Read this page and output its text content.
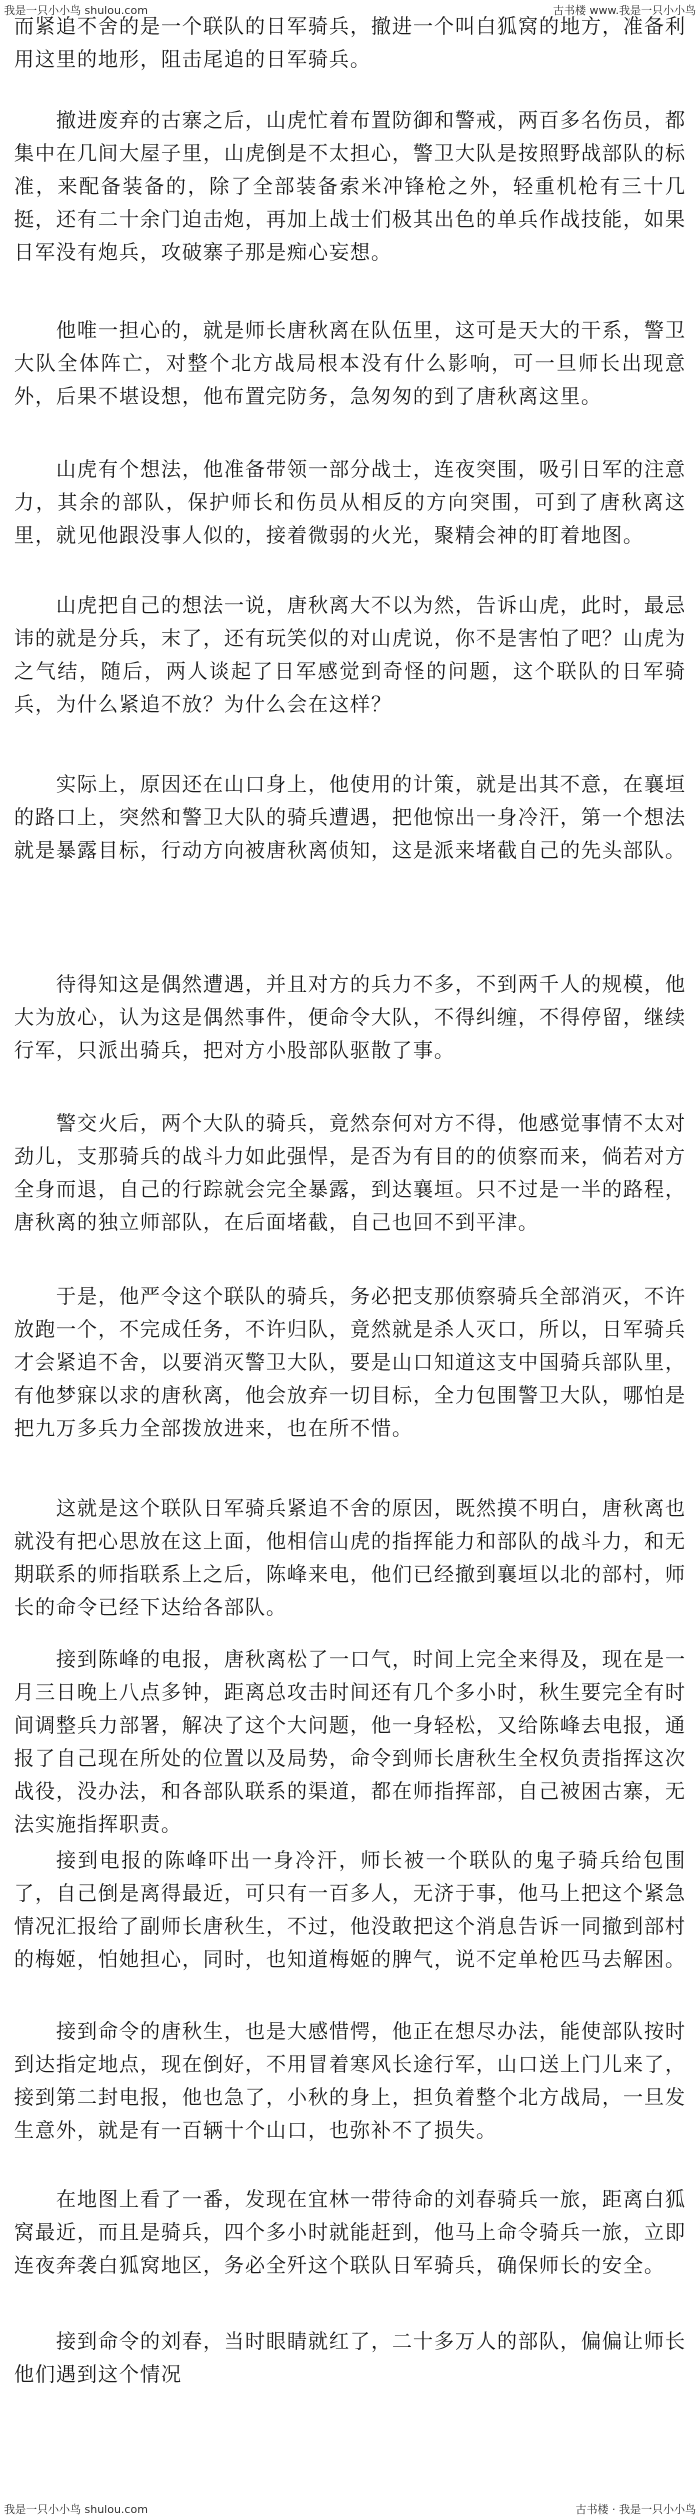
我是一只小小鸟 shulou.com	古书楼 www.我是一只小小鸟

而紧追不舍的是一个联队的日军骑兵，撤进一个叫白狐窝的地方，准备利用这里的地形，阻击尾追的日军骑兵。

撤进废弃的古寨之后，山虎忙着布置防御和警戒，两百多名伤员，都集中在几间大屋子里，山虎倒是不太担心，警卫大队是按照野战部队的标准，来配备装备的，除了全部装备索米冲锋枪之外，轻重机枪有三十几挺，还有二十余门迫击炮，再加上战士们极其出色的单兵作战技能，如果日军没有炮兵，攻破寨子那是痴心妄想。

他唯一担心的，就是师长唐秋离在队伍里，这可是天大的干系，警卫大队全体阵亡，对整个北方战局根本没有什么影响，可一旦师长出现意外，后果不堪设想，他布置完防务，急匆匆的到了唐秋离这里。

山虎有个想法，他准备带领一部分战士，连夜突围，吸引日军的注意力，其余的部队，保护师长和伤员从相反的方向突围，可到了唐秋离这里，就见他跟没事人似的，接着微弱的火光，聚精会神的盯着地图。

山虎把自己的想法一说，唐秋离大不以为然，告诉山虎，此时，最忌讳的就是分兵，末了，还有玩笑似的对山虎说，你不是害怕了吧？山虎为之气结，随后，两人谈起了日军感觉到奇怪的问题，这个联队的日军骑兵，为什么紧追不放？为什么会在这样？

实际上，原因还在山口身上，他使用的计策，就是出其不意，在襄垣的路口上，突然和警卫大队的骑兵遭遇，把他惊出一身冷汗，第一个想法就是暴露目标，行动方向被唐秋离侦知，这是派来堵截自己的先头部队。

待得知这是偶然遭遇，并且对方的兵力不多，不到两千人的规模，他大为放心，认为这是偶然事件，便命令大队，不得纠缠，不得停留，继续行军，只派出骑兵，把对方小股部队驱散了事。

警交火后，两个大队的骑兵，竟然奈何对方不得，他感觉事情不太对劲儿，支那骑兵的战斗力如此强悍，是否为有目的的侦察而来，倘若对方全身而退，自己的行踪就会完全暴露，到达襄垣。只不过是一半的路程，唐秋离的独立师部队，在后面堵截，自己也回不到平津。

于是，他严令这个联队的骑兵，务必把支那侦察骑兵全部消灭，不许放跑一个，不完成任务，不许归队，竟然就是杀人灭口，所以，日军骑兵才会紧追不舍，以要消灭警卫大队，要是山口知道这支中国骑兵部队里，有他梦寐以求的唐秋离，他会放弃一切目标，全力包围警卫大队，哪怕是把九万多兵力全部拨放进来，也在所不惜。

这就是这个联队日军骑兵紧追不舍的原因，既然摸不明白，唐秋离也就没有把心思放在这上面，他相信山虎的指挥能力和部队的战斗力，和无期联系的师指联系上之后，陈峰来电，他们已经撤到襄垣以北的部村，师长的命令已经下达给各部队。

接到陈峰的电报，唐秋离松了一口气，时间上完全来得及，现在是一月三日晚上八点多钟，距离总攻击时间还有几个多小时，秋生要完全有时间调整兵力部署，解决了这个大问题，他一身轻松，又给陈峰去电报，通报了自己现在所处的位置以及局势，命令到师长唐秋生全权负责指挥这次战役，没办法，和各部队联系的渠道，都在师指挥部，自己被困古寨，无法实施指挥职责。

接到电报的陈峰吓出一身冷汗，师长被一个联队的鬼子骑兵给包围了，自己倒是离得最近，可只有一百多人，无济于事，他马上把这个紧急情况汇报给了副师长唐秋生，不过，他没敢把这个消息告诉一同撤到部村的梅姬，怕她担心，同时，也知道梅姬的脾气，说不定单枪匹马去解困。

接到命令的唐秋生，也是大感惜愕，他正在想尽办法，能使部队按时到达指定地点，现在倒好，不用冒着寒风长途行军，山口送上门儿来了，接到第二封电报，他也急了，小秋的身上，担负着整个北方战局，一旦发生意外，就是有一百辆十个山口，也弥补不了损失。

在地图上看了一番，发现在宜林一带待命的刘春骑兵一旅，距离白狐窝最近，而且是骑兵，四个多小时就能赶到，他马上命令骑兵一旅，立即连夜奔袭白狐窝地区，务必全歼这个联队日军骑兵，确保师长的安全。

接到命令的刘春，当时眼睛就红了，二十多万人的部队，偏偏让师长他们遇到这个情况

我是一只小小鸟 shulou.com	古书楼 · 我是一只小小鸟
